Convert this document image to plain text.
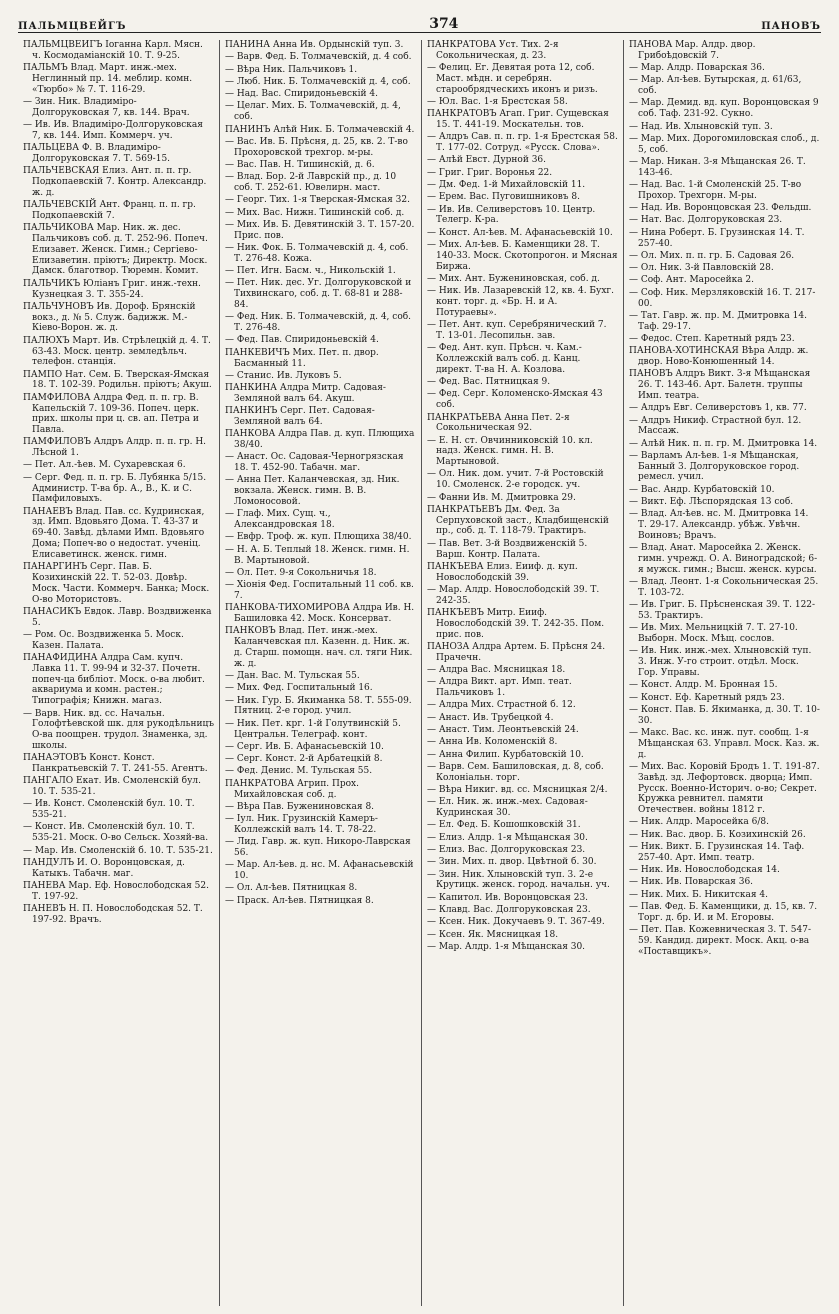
ПАЛЬМЦВЕЙГЪ	374	ПАНОВЪ
ПАЛЬМЦВЕЙГЪ Іоганна Карл. Мясн. ч. Космодаміанскій 10. Т. 9-25.
ПАЛЬМЪ Влад. Март. инж.-мех. Неглинный пр. 14. меблир. комн. «Тюрбо» № 7. Т. 116-29.
— Зин. Ник. Владиміро-Долгоруковская 7, кв. 144. Врач.
— Ив. Ив. Владиміро-Долгоруковская 7, кв. 144. Имп. Коммерч. уч.
ПАЛЬЦЕВА Ф. В. Владиміро-Долгоруковская 7. Т. 569-15.
ПАЛЬЧЕВСКАЯ Елиз. Ант. п. п. гр. Подкопаевскій 7. Контр. Александр. ж. д.
ПАЛЬЧЕВСКІЙ Ант. Франц. п. п. гр. Подкопаевскій 7.
ПАЛЬЧИКОВА Мар. Ник. ж. дес. Пальчиковъ соб. д. Т. 252-96. Попеч. Елизавет. Женск. Гимн.; Сергіево-Елизаветин. пріютъ; Директр. Моск. Дамск. благотвор. Тюремн. Комит.
ПАЛЬЧИКЪ Юліанъ Григ. инж.-техн. Кузнецкая 3. Т. 355-24.
ПАЛЬЧУНОВЪ Ив. Дороф. Брянскій вокз., д. № 5. Служ. бадижж. М.-Кіево-Ворон. ж. д.
ПАЛЮХЪ Март. Ив. Стрѣлецкій д. 4. Т. 63-43. Моск. центр. земледѣльч. телефон. станція.
ПАМПО Нат. Сем. Б. Тверская-Ямская 18. Т. 102-39. Родильн. пріютъ; Акуш.
ПАМФИЛОВА Алдра Фед. п. п. гр. В. Капельскій 7. 109-36. Попеч. церк. прих. школы при ц. св. ап. Петра и Павла.
ПАМФИЛОВЪ Алдръ Алдр. п. п. гр. Н. Лѣсной 1.
— Пет. Ал.-ѣев. М. Сухаревская 6.
— Серг. Фед. п. п. гр. Б. Лубянка 5/15. Администр. Т-ва бр. А., В., К. и С. Памфиловыхъ.
ПАНАЕВЪ Влад. Пав. сс. Кудринская, зд. Имп. Вдовьяго Дома. Т. 43-37 и 69-40. Завѣд. дѣлами Имп. Вдовьяго Дома; Попеч-во о недостат. ученіц. Елисаветинск. женск. гимн.
ПАНАРГИНЪ Серг. Пав. Б. Козихинскій 22. Т. 52-03. Довѣр. Моск. Части. Коммерч. Банка; Моск. О-во Мотористовъ.
ПАНАСИКЪ Евдок. Лавр. Воздвиженка 5.
— Ром. Ос. Воздвиженка 5. Моск. Казен. Палата.
ПАНАФИДИНА Алдра Сам. купч. Лавка 11. Т. 99-94 и 32-37. Почетн. попеч-ца библіот. Моск. о-ва любит. аквариума и комн. растен.; Типографія; Книжн. магаз.
— Варв. Ник. вд. сс. Начальн. Голофтѣевской шк. для рукодѣльницъ О-ва поощрен. трудол. Знаменка, зд. школы.
ПАНАЭТОВЪ Конст. Конст. Панкратьевскій 7. Т. 241-55. Агентъ.
ПАНГАЛО Екат. Ив. Смоленскій бул. 10. Т. 535-21.
— Ив. Конст. Смоленскій бул. 10. Т. 535-21.
— Конст. Ив. Смоленскій бул. 10. Т. 535-21. Моск. О-во Сельск. Хозяй-ва.
— Мар. Ив. Смоленскій б. 10. Т. 535-21.
ПАНДУЛЪ И. О. Воронцовская, д. Катыкъ. Табачн. маг.
ПАНЕВА Мар. Еф. Новослободская 52. Т. 197-92.
ПАНЕВЪ Н. П. Новослободская 52. Т. 197-92. Врачъ.
ПАНИНА Анна Ив. Ордынскій туп. 3.
— Варв. Фед. Б. Толмачевскій, д. 4 соб.
— Вѣра Ник. Пальчиковъ 1.
— Люб. Ник. Б. Толмачевскій д. 4, соб.
— Над. Вас. Спиридоньевскій 4.
— Целаг. Мих. Б. Толмачевскій, д. 4, соб.
ПАНИНЪ Алѣй Ник. Б. Толмачевскій 4.
— Вас. Ив. Б. Прѣсня, д. 25, кв. 2. Т-во Прохоровской трехгор. м-ры.
— Вас. Пав. Н. Тишинскій, д. 6.
— Влад. Бор. 2-й Лаврскій пр., д. 10 соб. Т. 252-61. Ювелирн. маст.
— Георг. Тих. 1-я Тверская-Ямская 32.
— Мих. Вас. Нижн. Тишинскій соб. д.
— Мих. Ив. Б. Девятинскій 3. Т. 157-20. Прис. пов.
— Ник. Фок. Б. Толмачевскій д. 4, соб. Т. 276-48. Кожа.
— Пет. Игн. Басм. ч., Никольскій 1.
— Пет. Ник. дес. Уг. Долгоруковской и Тихвинскаго, соб. д. Т. 68-81 и 288-84.
— Фед. Ник. Б. Толмачевскій, д. 4, соб. Т. 276-48.
— Фед. Пав. Спиридоньевскій 4.
ПАНКЕВИЧЪ Мих. Пет. п. двор. Басманный 11.
— Станис. Ив. Луковъ 5.
ПАНКИНА Алдра Митр. Садовая-Земляной валъ 64. Акуш.
ПАНКИНЪ Серг. Пет. Садовая-Земляной валъ 64.
ПАНКОВА Алдра Пав. д. куп. Плющиха 38/40.
— Анаст. Ос. Садовая-Черногрязская 18. Т. 452-90. Табачн. маг.
— Анна Пет. Каланчевская, зд. Ник. вокзала. Женск. гимн. В. В. Ломоносовой.
— Глаф. Мих. Сущ. ч., Александровская 18.
— Евфр. Троф. ж. куп. Плющиха 38/40.
— Н. А. Б. Теплый 18. Женск. гимн. Н. В. Мартыновой.
— Ол. Пет. 9-я Сокольничья 18.
— Хіонія Фед. Госпитальный 11 соб. кв. 7.
ПАНКОВА-ТИХОМИРОВА Алдра Ив. Н. Башиловка 42. Моск. Консерват.
ПАНКОВЪ Влад. Пет. инж.-мех. Каланчевская пл. Казенн. д. Ник. ж. д. Старш. помощн. нач. сл. тяги Ник. ж. д.
— Дан. Вас. М. Тульская 55.
— Мих. Фед. Госпитальный 16.
— Ник. Гур. Б. Якиманка 58. Т. 555-09. Пятниц. 2-е город. учил.
— Ник. Пет. крг. 1-й Голутвинскій 5. Центральн. Телеграф. конт.
— Серг. Ив. Б. Афанасьевскій 10.
— Серг. Конст. 2-й Арбатецкій 8.
— Фед. Денис. М. Тульская 55.
ПАНКРАТОВА Агрип. Прох. Михайловская соб. д.
— Вѣра Пав. Бужениновская 8.
— Іул. Ник. Грузинскій Камеръ-Коллежскій валъ 14. Т. 78-22.
— Лид. Гавр. ж. куп. Никоро-Лаврская 56.
— Мар. Ал-ѣев. д. нс. М. Афанасьевскій 10.
— Ол. Ал-ѣев. Пятницкая 8.
— Праск. Ал-ѣев. Пятницкая 8.
ПАНКРАТОВА Уст. Тих. 2-я Сокольническая, д. 23.
— Фелиц. Ег. Девятая рота 12, соб. Маст. мѣдн. и серебрян. старообрядческихъ иконъ и ризъ.
— Юл. Вас. 1-я Брестская 58.
ПАНКРАТОВЪ Агап. Григ. Сущевская 15. Т. 441-19. Москательн. тов.
— Алдръ Сав. п. п. гр. 1-я Брестская 58. Т. 177-02. Сотруд. «Русск. Слова».
— Алѣй Евст. Дурной 36.
— Григ. Григ. Воронья 22.
— Дм. Фед. 1-й Михайловскій 11.
— Ерем. Вас. Пуговишниковъ 8.
— Ив. Ив. Селиверстовъ 10. Центр. Телегр. К-ра.
— Конст. Ал-ѣев. М. Афанасьевскій 10.
— Мих. Ал-ѣев. Б. Каменщики 28. Т. 140-33. Моск. Скотопрогон. и Мясная Биржа.
— Мих. Ант. Бужениновская, соб. д.
— Ник. Ив. Лазаревскій 12, кв. 4. Бухг. конт. торг. д. «Бр. Н. и А. Потураевы».
— Пет. Ант. куп. Серебрянический 7. Т. 13-01. Лесопильн. зав.
— Фед. Ант. куп. Прѣсн. ч. Кам.-Коллежскій валъ соб. д. Канц. директ. Т-ва Н. А. Козлова.
— Фед. Вас. Пятницкая 9.
— Фед. Серг. Коломенско-Ямская 43 соб.
ПАНКРАТЬЕВА Анна Пет. 2-я Сокольническая 92.
— Е. Н. ст. Овчинниковскій 10. кл. надз. Женск. гимн. Н. В. Мартыновой.
— Ол. Ник. дом. учит. 7-й Ростовскій 10. Смоленск. 2-е городск. уч.
— Фанни Ив. М. Дмитровка 29.
ПАНКРАТЬЕВЪ Дм. Фед. За Серпуховской заст., Кладбищенскій пр., соб. д. Т. 118-79. Трактиръ.
— Пав. Вет. 3-й Воздвиженскій 5. Варш. Контр. Палата.
ПАНКЪЕВА Елиз. Еииф. д. куп. Новослободскій 39.
— Мар. Алдр. Новослободскій 39. Т. 242-35.
ПАНКЪЕВЪ Митр. Еииф. Новослободскій 39. Т. 242-35. Пом. прис. пов.
ПАНОЗА Алдра Артем. Б. Прѣсня 24. Прачечн.
— Алдра Вас. Мясницкая 18.
— Алдра Викт. арт. Имп. теат. Пальчиковъ 1.
— Алдра Мих. Страстной б. 12.
— Анаст. Ив. Трубецкой 4.
— Анаст. Тим. Леонтьевскій 24.
— Анна Ив. Коломенскій 8.
— Анна Филип. Курбатовскій 10.
— Варв. Сем. Башиловская, д. 8, соб. Колоніальн. торг.
— Вѣра Никиг. вд. сс. Мясницкая 2/4.
— Ел. Ник. ж. инж.-мех. Садовая-Кудринская 30.
— Ел. Фед. Б. Кошошковскій 31.
— Елиз. Алдр. 1-я Мѣщанская 30.
— Елиз. Вас. Долгоруковская 23.
— Зин. Мих. п. двор. Цвѣтной б. 30.
— Зин. Ник. Хлыновскій туп. 3. 2-е Крутицк. женск. город. начальн. уч.
— Капитол. Ив. Воронцовская 23.
— Клавд. Вас. Долгоруковская 23.
— Ксен. Ник. Докучаевъ 9. Т. 367-49.
— Ксен. Як. Мясницкая 18.
— Мар. Алдр. 1-я Мѣщанская 30.
ПАНОВА Мар. Алдр. двор. Грибоѣдовскій 7.
— Мар. Алдр. Поварская 36.
— Мар. Ал-ѣев. Бутырская, д. 61/63, соб.
— Мар. Демид. вд. куп. Воронцовская 9 соб. Таф. 231-92. Сукно.
— Над. Ив. Хлыновскій туп. 3.
— Мар. Мих. Дорогомиловская слоб., д. 5, соб.
— Мар. Никан. 3-я Мѣщанская 26. Т. 143-46.
— Над. Вас. 1-й Смоленскій 25. Т-во Прохор. Трехгорн. М-ры.
— Над. Ив. Воронцовская 23. Фельдш.
— Нат. Вас. Долгоруковская 23.
— Нина Роберт. Б. Грузинская 14. Т. 257-40.
— Ол. Мих. п. п. гр. Б. Садовая 26.
— Ол. Ник. 3-й Павловскій 28.
— Соф. Ант. Маросейка 2.
— Соф. Ник. Мерзляковскій 16. Т. 217-00.
— Тат. Гавр. ж. пр. М. Дмитровка 14. Таф. 29-17.
— Федос. Степ. Каретный рядъ 23.
ПАНОВА-ХОТИНСКАЯ Вѣра Алдр. ж. двор. Ново-Конюшенный 14.
ПАНОВЪ Алдръ Викт. 3-я Мѣщанская 26. Т. 143-46. Арт. Балетн. труппы Имп. театра.
— Алдръ Евг. Селиверстовъ 1, кв. 77.
— Алдръ Никиф. Страстной бул. 12. Массаж.
— Алѣй Ник. п. п. гр. М. Дмитровка 14.
— Варламъ Ал-ѣев. 1-я Мѣщанская, Банный 3. Долгоруковское город. ремесл. учил.
— Вас. Андр. Курбатовскій 10.
— Викт. Еф. Лѣспорядская 13 соб.
— Влад. Ал-ѣев. нс. М. Дмитровка 14. Т. 29-17. Александр. убѣж. Увѣчн. Воиновъ; Врачъ.
— Влад. Анат. Маросейка 2. Женск. гимн. учрежд. О. А. Виноградской; 6-я мужск. гимн.; Высш. женск. курсы.
— Влад. Леонт. 1-я Сокольническая 25. Т. 103-72.
— Ив. Григ. Б. Прѣсненская 39. Т. 122-53. Трактиръ.
— Ив. Мих. Мельницкій 7. Т. 27-10. Выборн. Моск. Мѣщ. сослов.
— Ив. Ник. инж.-мех. Хлыновскій туп. 3. Инж. У-го строит. отдѣл. Моск. Гор. Управы.
— Конст. Алдр. М. Бронная 15.
— Конст. Еф. Каретный рядъ 23.
— Конст. Пав. Б. Якиманка, д. 30. Т. 10-30.
— Макс. Вас. кс. инж. пут. сообщ. 1-я Мѣщанская 63. Управл. Моск. Каз. ж. д.
— Мих. Вас. Коровій Бродъ 1. Т. 191-87. Завѣд. зд. Лефортовск. дворца; Имп. Русск. Военно-Историч. о-во; Секрет. Кружка ревнител. памяти Отечествен. войны 1812 г.
— Ник. Алдр. Маросейка 6/8.
— Ник. Вас. двор. Б. Козихинскій 26.
— Ник. Викт. Б. Грузинская 14. Таф. 257-40. Арт. Имп. театр.
— Ник. Ив. Новослободская 14.
— Ник. Ив. Поварская 36.
— Ник. Мих. Б. Никитская 4.
— Пав. Фед. Б. Каменщики, д. 15, кв. 7. Торг. д. бр. И. и М. Егоровы.
— Пет. Пав. Кожевническая 3. Т. 547-59. Кандид. директ. Моск. Акц. о-ва «Поставщикъ».
